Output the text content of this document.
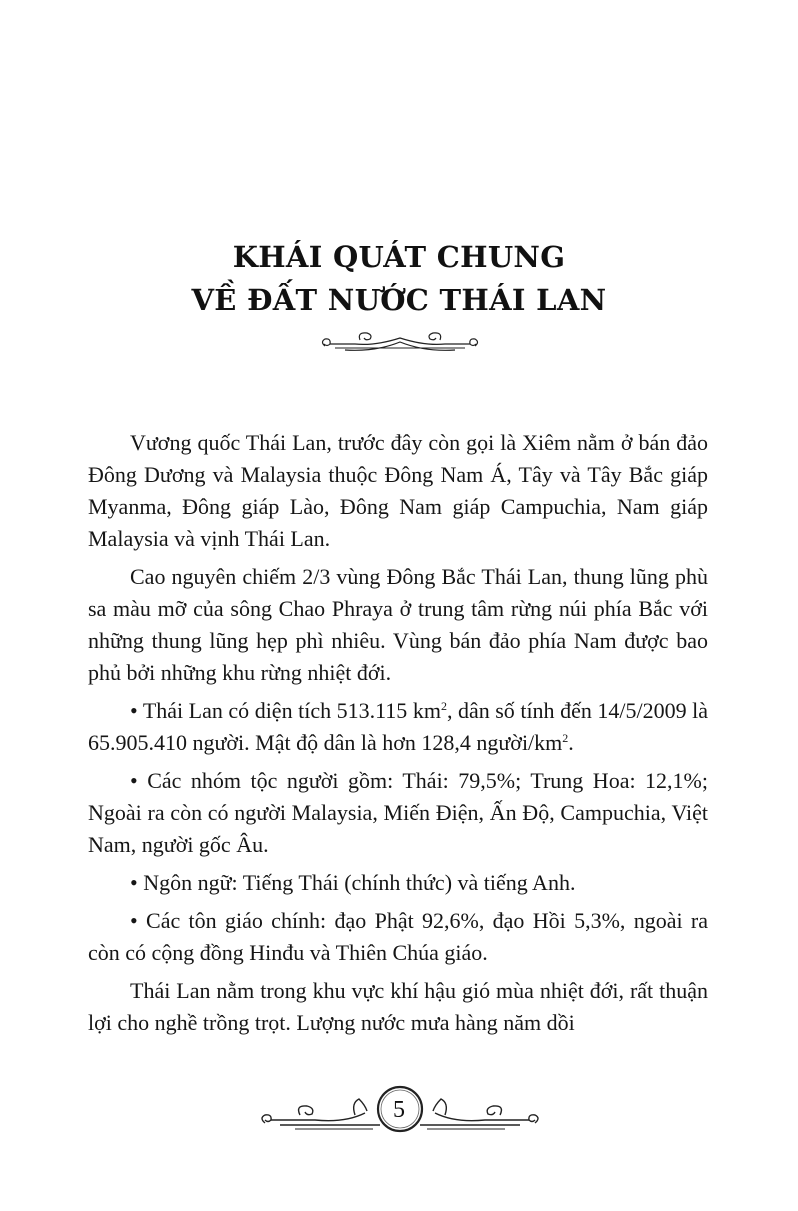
KHÁI QUÁT CHUNG
VỀ ĐẤT NƯỚC THÁI LAN

Vương quốc Thái Lan, trước đây còn gọi là Xiêm nằm ở bán đảo Đông Dương và Malaysia thuộc Đông Nam Á, Tây và Tây Bắc giáp Myanma, Đông giáp Lào, Đông Nam giáp Campuchia, Nam giáp Malaysia và vịnh Thái Lan.

Cao nguyên chiếm 2/3 vùng Đông Bắc Thái Lan, thung lũng phù sa màu mỡ của sông Chao Phraya ở trung tâm rừng núi phía Bắc với những thung lũng hẹp phì nhiêu. Vùng bán đảo phía Nam được bao phủ bởi những khu rừng nhiệt đới.

• Thái Lan có diện tích 513.115 $km^2$, dân số tính đến 14/5/2009 là 65.905.410 người. Mật độ dân là hơn 128,4 người/$km^2$.

• Các nhóm tộc người gồm: Thái: 79,5%; Trung Hoa: 12,1%; Ngoài ra còn có người Malaysia, Miến Điện, Ấn Độ, Campuchia, Việt Nam, người gốc Âu.

• Ngôn ngữ: Tiếng Thái (chính thức) và tiếng Anh.

• Các tôn giáo chính: đạo Phật 92,6%, đạo Hồi 5,3%, ngoài ra còn có cộng đồng Hinđu và Thiên Chúa giáo.

Thái Lan nằm trong khu vực khí hậu gió mùa nhiệt đới, rất thuận lợi cho nghề trồng trọt. Lượng nước mưa hàng năm dồi

5
